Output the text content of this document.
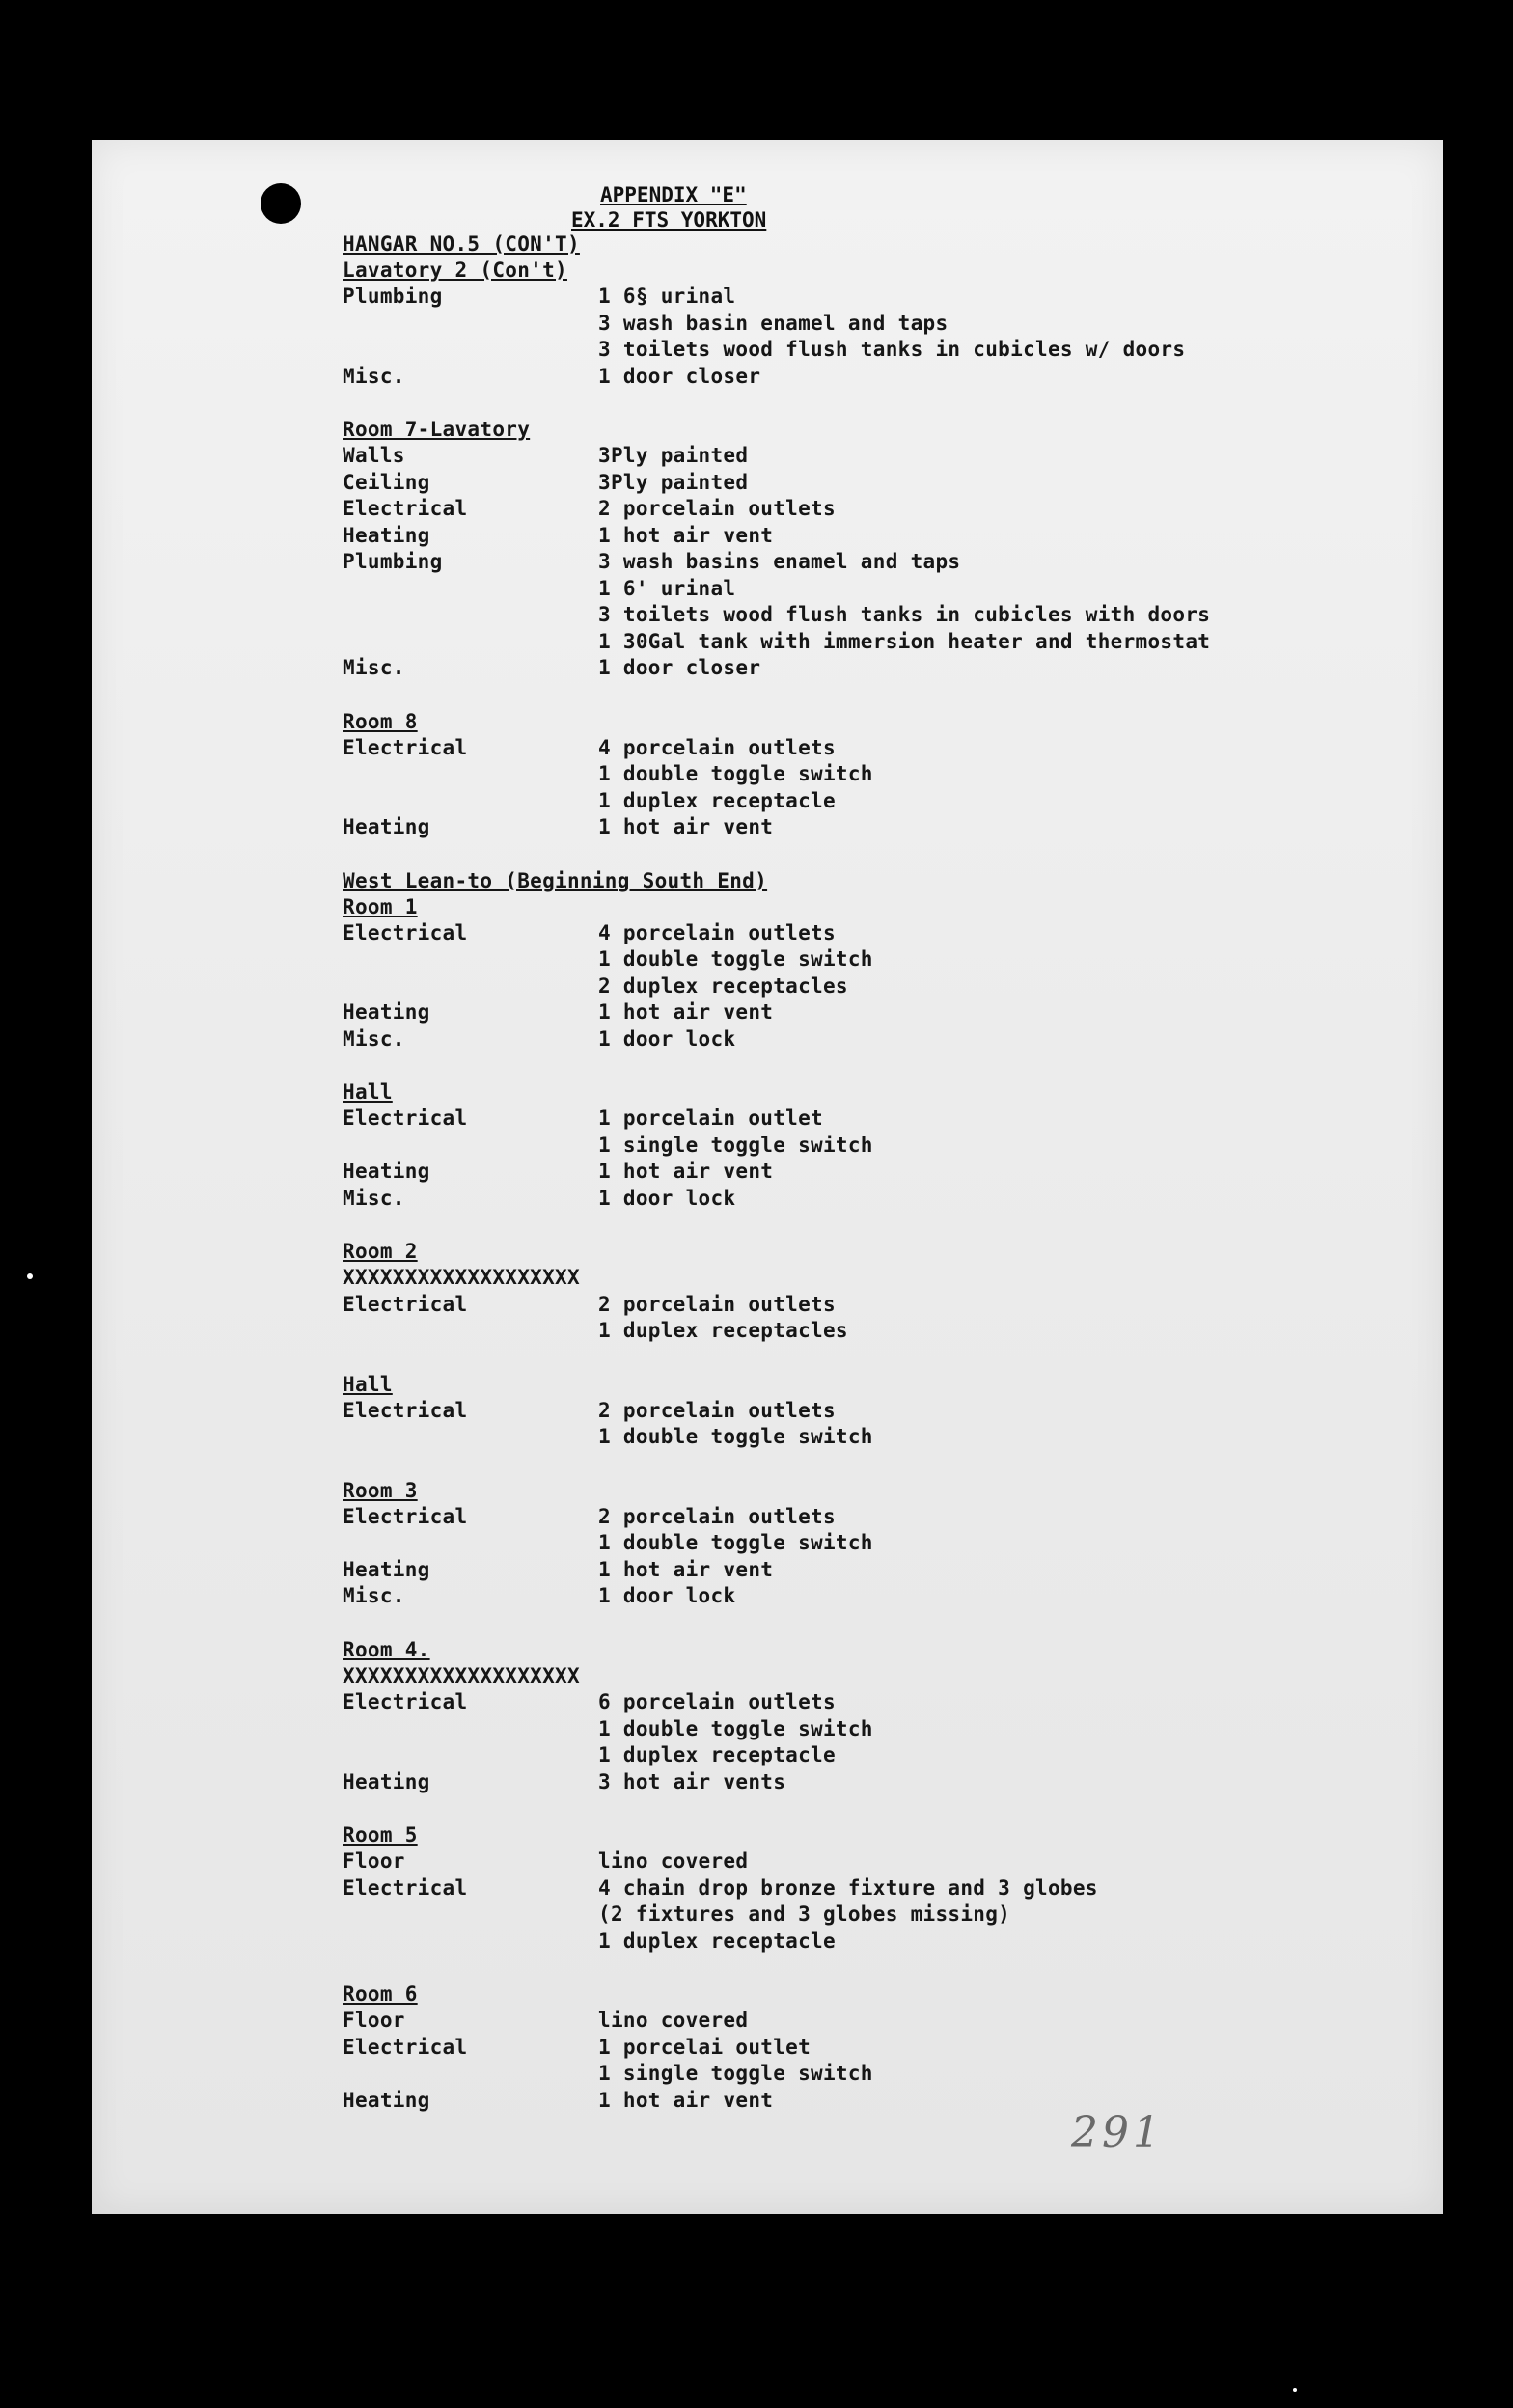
APPENDIX "E"
EX.2 FTS YORKTON
HANGAR NO.5 (CON'T)
Lavatory 2 (Con't)
Plumbing	1 6§ urinal
3 wash basin enamel and taps
3 toilets wood flush tanks in cubicles w/ doors
Misc.	1 door closer
Room 7-Lavatory
Walls	3Ply painted
Ceiling	3Ply painted
Electrical	2 porcelain outlets
Heating	1 hot air vent
Plumbing	3 wash basins enamel and taps
1 6' urinal
3 toilets wood flush tanks in cubicles with doors
1 30Gal tank with immersion heater and thermostat
Misc.	1 door closer
Room 8
Electrical	4 porcelain outlets
1 double toggle switch
1 duplex receptacle
Heating	1 hot air vent
West Lean-to (Beginning South End)
Room 1
Electrical	4 porcelain outlets
1 double toggle switch
2 duplex receptacles
Heating	1 hot air vent
Misc.	1 door lock
Hall
Electrical	1 porcelain outlet
1 single toggle switch
Heating	1 hot air vent
Misc.	1 door lock
Room 2
XXXXXXXXXXXXXXXXXXX
Electrical	2 porcelain outlets
1 duplex receptacles
Hall
Electrical	2 porcelain outlets
1 double toggle switch
Room 3
Electrical	2 porcelain outlets
1 double toggle switch
Heating	1 hot air vent
Misc.	1 door lock
Room 4.
XXXXXXXXXXXXXXXXXXX
Electrical	6 porcelain outlets
1 double toggle switch
1 duplex receptacle
Heating	3 hot air vents
Room 5
Floor	lino covered
Electrical	4 chain drop bronze fixture and 3 globes
(2 fixtures and 3 globes missing)
1 duplex receptacle
Room 6
Floor	lino covered
Electrical	1 porcelai outlet
1 single toggle switch
Heating	1 hot air vent
291
